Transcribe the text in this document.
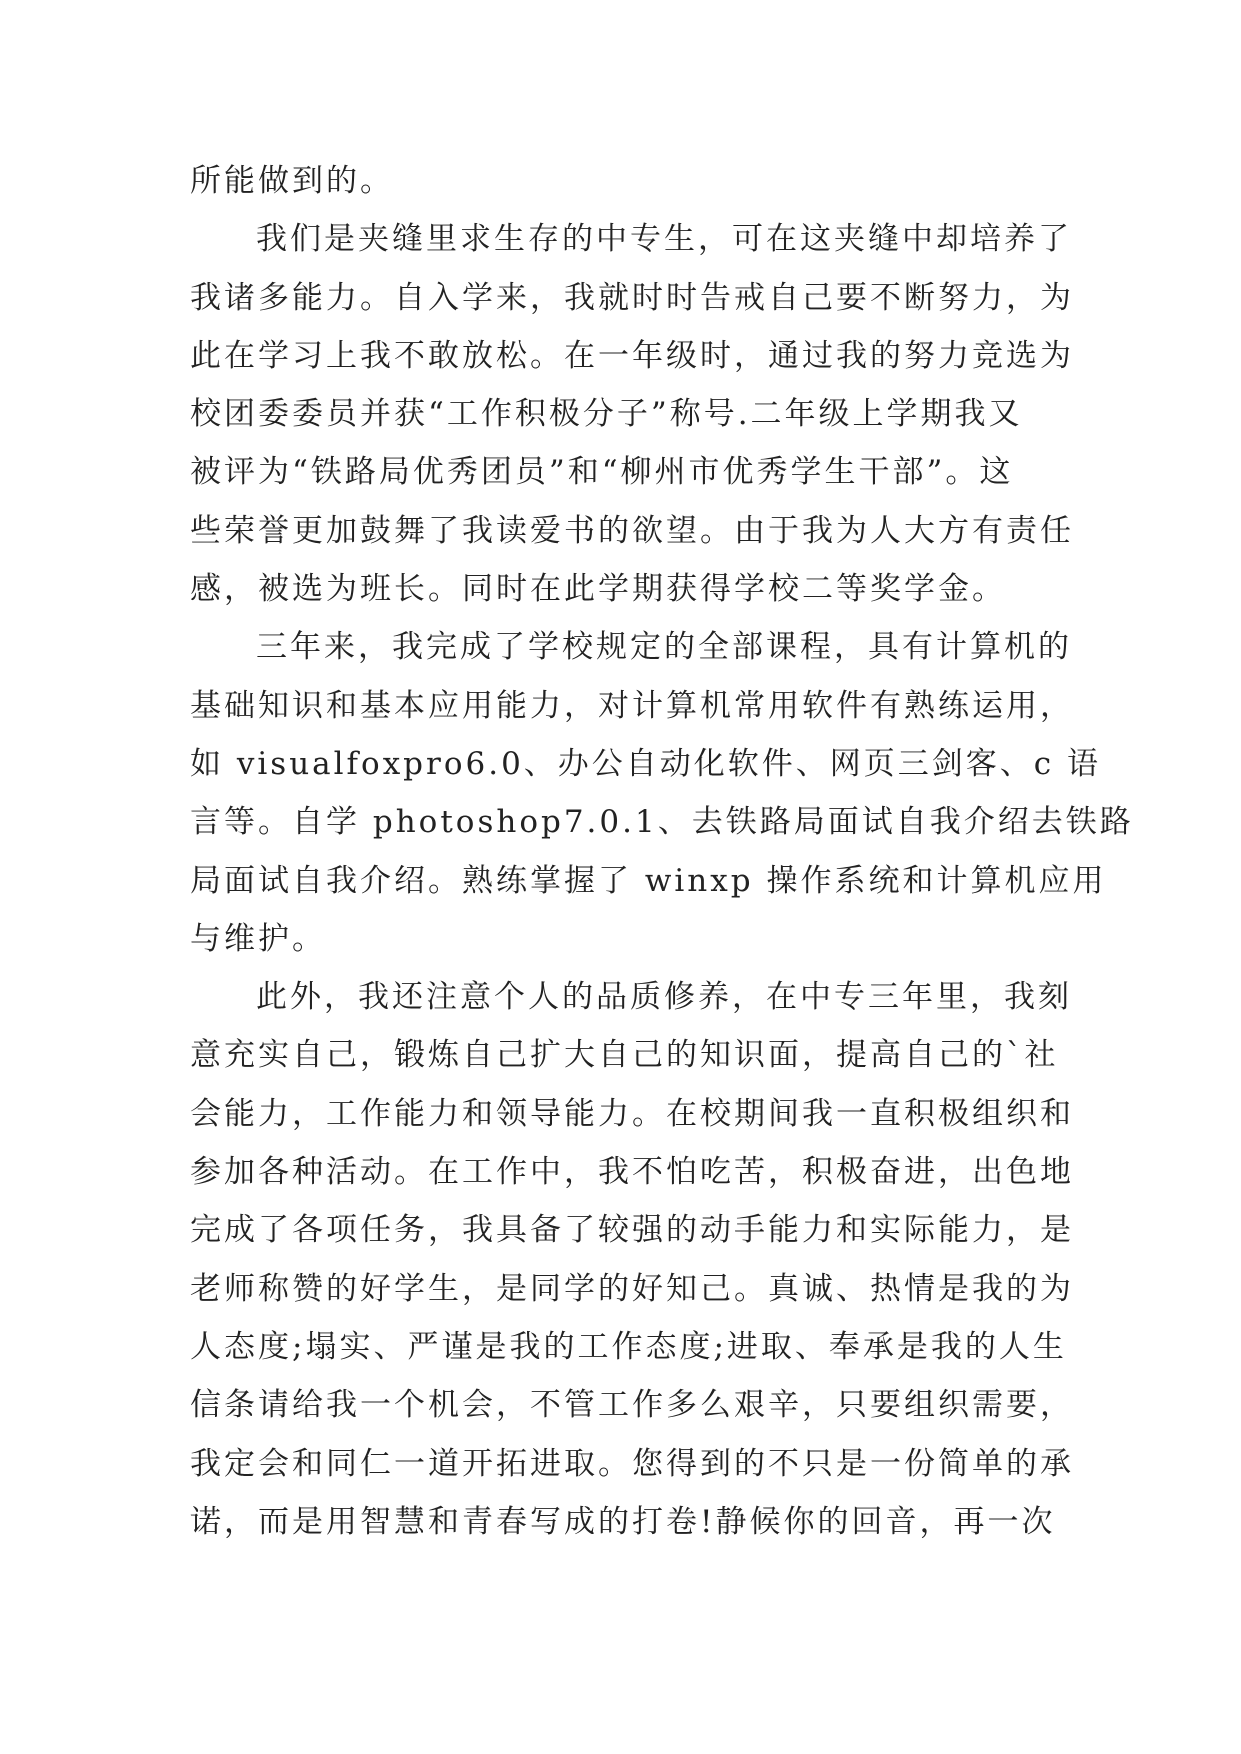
所能做到的。
我们是夹缝里求生存的中专生，可在这夹缝中却培养了
我诸多能力。自入学来，我就时时告戒自己要不断努力，为
此在学习上我不敢放松。在一年级时，通过我的努力竞选为
校团委委员并获“工作积极分子”称号.二年级上学期我又
被评为“铁路局优秀团员”和“柳州市优秀学生干部”。这
些荣誉更加鼓舞了我读爱书的欲望。由于我为人大方有责任
感，被选为班长。同时在此学期获得学校二等奖学金。
三年来，我完成了学校规定的全部课程，具有计算机的
基础知识和基本应用能力，对计算机常用软件有熟练运用，
如 visualfoxpro6.0、办公自动化软件、网页三剑客、c 语
言等。自学 photoshop7.0.1、去铁路局面试自我介绍去铁路
局面试自我介绍。熟练掌握了 winxp 操作系统和计算机应用
与维护。
此外，我还注意个人的品质修养，在中专三年里，我刻
意充实自己，锻炼自己扩大自己的知识面，提高自己的`社
会能力，工作能力和领导能力。在校期间我一直积极组织和
参加各种活动。在工作中，我不怕吃苦，积极奋进，出色地
完成了各项任务，我具备了较强的动手能力和实际能力，是
老师称赞的好学生，是同学的好知己。真诚、热情是我的为
人态度;塌实、严谨是我的工作态度;进取、奉承是我的人生
信条请给我一个机会，不管工作多么艰辛，只要组织需要，
我定会和同仁一道开拓进取。您得到的不只是一份简单的承
诺，而是用智慧和青春写成的打卷!静候你的回音，再一次
